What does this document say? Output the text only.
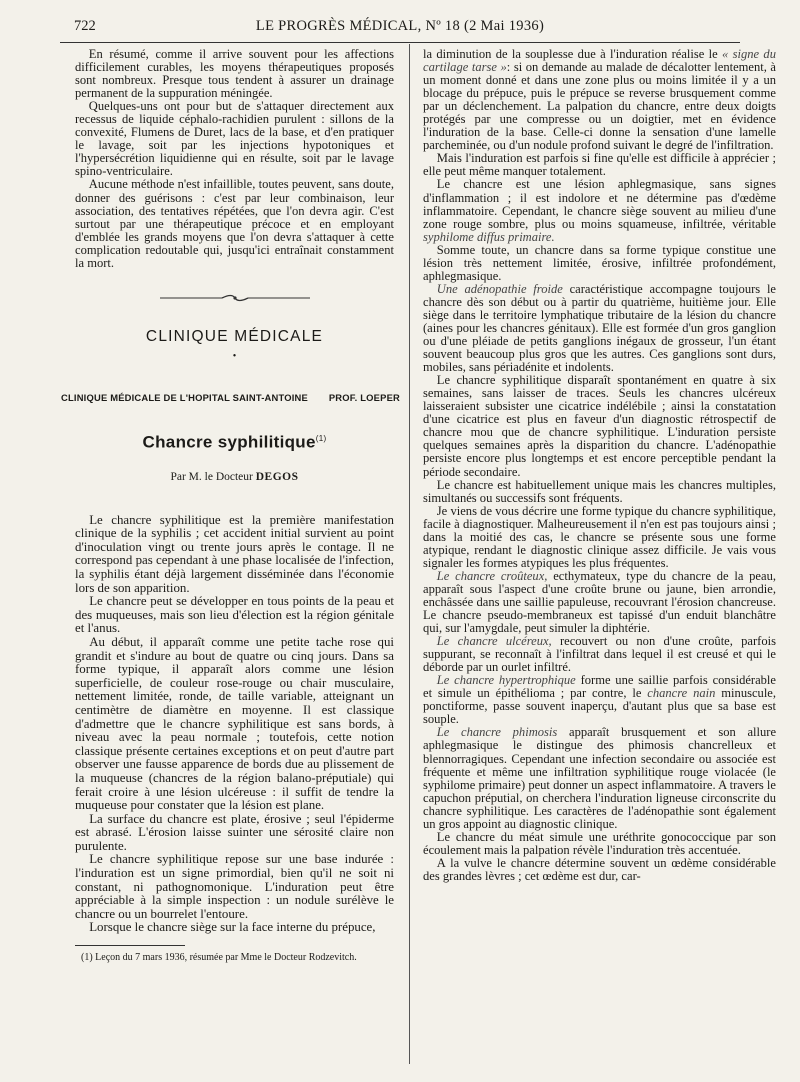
722	LE PROGRÈS MÉDICAL, Nº 18 (2 Mai 1936)

En résumé, comme il arrive souvent pour les affections difficilement curables, les moyens thérapeutiques proposés sont nombreux. Presque tous tendent à assurer un drainage permanent de la suppuration méningée.

Quelques-uns ont pour but de s'attaquer directement aux recessus de liquide céphalo-rachidien purulent : sillons de la convexité, Flumens de Duret, lacs de la base, et d'en pratiquer le lavage, soit par les injections hypotoniques et l'hypersécrétion liquidienne qui en résulte, soit par le lavage spino-ventriculaire.

Aucune méthode n'est infaillible, toutes peuvent, sans doute, donner des guérisons : c'est par leur combinaison, leur association, des tentatives répétées, que l'on devra agir. C'est surtout par une thérapeutique précoce et en employant d'emblée les grands moyens que l'on devra s'attaquer à cette complication redoutable qui, jusqu'ici entraînait constamment la mort.

CLINIQUE MÉDICALE
•
CLINIQUE MÉDICALE DE L'HOPITAL SAINT-ANTOINE PROF. LOEPER
Chancre syphilitique$^{(1)}$
Par M. le Docteur DEGOS

Le chancre syphilitique est la première manifestation clinique de la syphilis ; cet accident initial survient au point d'inoculation vingt ou trente jours après le contage. Il ne correspond pas cependant à une phase localisée de l'infection, la syphilis étant déjà largement disséminée dans l'économie lors de son apparition.

Le chancre peut se développer en tous points de la peau et des muqueuses, mais son lieu d'élection est la région génitale et l'anus.

Au début, il apparaît comme une petite tache rose qui grandit et s'indure au bout de quatre ou cinq jours. Dans sa forme typique, il apparaît alors comme une lésion superficielle, de couleur rose-rouge ou chair musculaire, nettement limitée, ronde, de taille variable, atteignant un centimètre de diamètre en moyenne. Il est classique d'admettre que le chancre syphilitique est sans bords, à niveau avec la peau normale ; toutefois, cette notion classique présente certaines exceptions et on peut d'autre part observer une fausse apparence de bords due au plissement de la muqueuse (chancres de la région balano-préputiale) qui ferait croire à une lésion ulcéreuse : il suffit de tendre la muqueuse pour constater que la lésion est plane.

La surface du chancre est plate, érosive ; seul l'épiderme est abrasé. L'érosion laisse suinter une sérosité claire non purulente.

Le chancre syphilitique repose sur une base indurée : l'induration est un signe primordial, bien qu'il ne soit ni constant, ni pathognomonique. L'induration peut être appréciable à la simple inspection : un nodule surélève le chancre ou un bourrelet l'entoure.

Lorsque le chancre siège sur la face interne du prépuce,

(1) Leçon du 7 mars 1936, résumée par Mme le Docteur Rodzevitch.

la diminution de la souplesse due à l'induration réalise le « signe du cartilage tarse »: si on demande au malade de décalotter lentement, à un moment donné et dans une zone plus ou moins limitée il y a un blocage du prépuce, puis le prépuce se reverse brusquement comme par un déclenchement. La palpation du chancre, entre deux doigts protégés par une compresse ou un doigtier, met en évidence l'induration de la base. Celle-ci donne la sensation d'une lamelle parcheminée, ou d'un nodule profond suivant le degré de l'infiltration.

Mais l'induration est parfois si fine qu'elle est difficile à apprécier ; elle peut même manquer totalement.

Le chancre est une lésion aphlegmasique, sans signes d'inflammation ; il est indolore et ne détermine pas d'œdème inflammatoire. Cependant, le chancre siège souvent au milieu d'une zone rouge sombre, plus ou moins squameuse, infiltrée, véritable syphilome diffus primaire.

Somme toute, un chancre dans sa forme typique constitue une lésion très nettement limitée, érosive, infiltrée profondément, aphlegmasique.

Une adénopathie froide caractéristique accompagne toujours le chancre dès son début ou à partir du quatrième, huitième jour. Elle siège dans le territoire lymphatique tributaire de la lésion du chancre (aines pour les chancres génitaux). Elle est formée d'un gros ganglion ou d'une pléiade de petits ganglions inégaux de grosseur, l'un étant souvent beaucoup plus gros que les autres. Ces ganglions sont durs, mobiles, sans périadénite et indolents.

Le chancre syphilitique disparaît spontanément en quatre à six semaines, sans laisser de traces. Seuls les chancres ulcéreux laisseraient subsister une cicatrice indélébile ; ainsi la constatation d'une cicatrice est plus en faveur d'un diagnostic rétrospectif de chancre mou que de chancre syphilitique. L'induration persiste quelques semaines après la disparition du chancre. L'adénopathie persiste encore plus longtemps et est encore perceptible pendant la période secondaire.

Le chancre est habituellement unique mais les chancres multiples, simultanés ou successifs sont fréquents.

Je viens de vous décrire une forme typique du chancre syphilitique, facile à diagnostiquer. Malheureusement il n'en est pas toujours ainsi ; dans la moitié des cas, le chancre se présente sous une forme atypique, rendant le diagnostic clinique assez difficile. Je vais vous signaler les formes atypiques les plus fréquentes.

Le chancre croûteux, ecthymateux, type du chancre de la peau, apparaît sous l'aspect d'une croûte brune ou jaune, bien arrondie, enchâssée dans une saillie papuleuse, recouvrant l'érosion chancreuse. Le chancre pseudo-membraneux est tapissé d'un enduit blanchâtre qui, sur l'amygdale, peut simuler la diphtérie.

Le chancre ulcéreux, recouvert ou non d'une croûte, parfois suppurant, se reconnaît à l'infiltrat dans lequel il est creusé et qui le déborde par un ourlet infiltré.

Le chancre hypertrophique forme une saillie parfois considérable et simule un épithélioma ; par contre, le chancre nain minuscule, ponctiforme, passe souvent inaperçu, d'autant plus que sa base est souple.

Le chancre phimosis apparaît brusquement et son allure aphlegmasique le distingue des phimosis chancrelleux et blennorragiques. Cependant une infection secondaire ou associée est fréquente et même une infiltration syphilitique rouge violacée (le syphilome primaire) peut donner un aspect inflammatoire. A travers le capuchon préputial, on cherchera l'induration ligneuse circonscrite du chancre syphilitique. Les caractères de l'adénopathie sont également un gros appoint au diagnostic clinique.

Le chancre du méat simule une uréthrite gonococcique par son écoulement mais la palpation révèle l'induration très accentuée.

A la vulve le chancre détermine souvent un œdème considérable des grandes lèvres ; cet œdème est dur, car-
